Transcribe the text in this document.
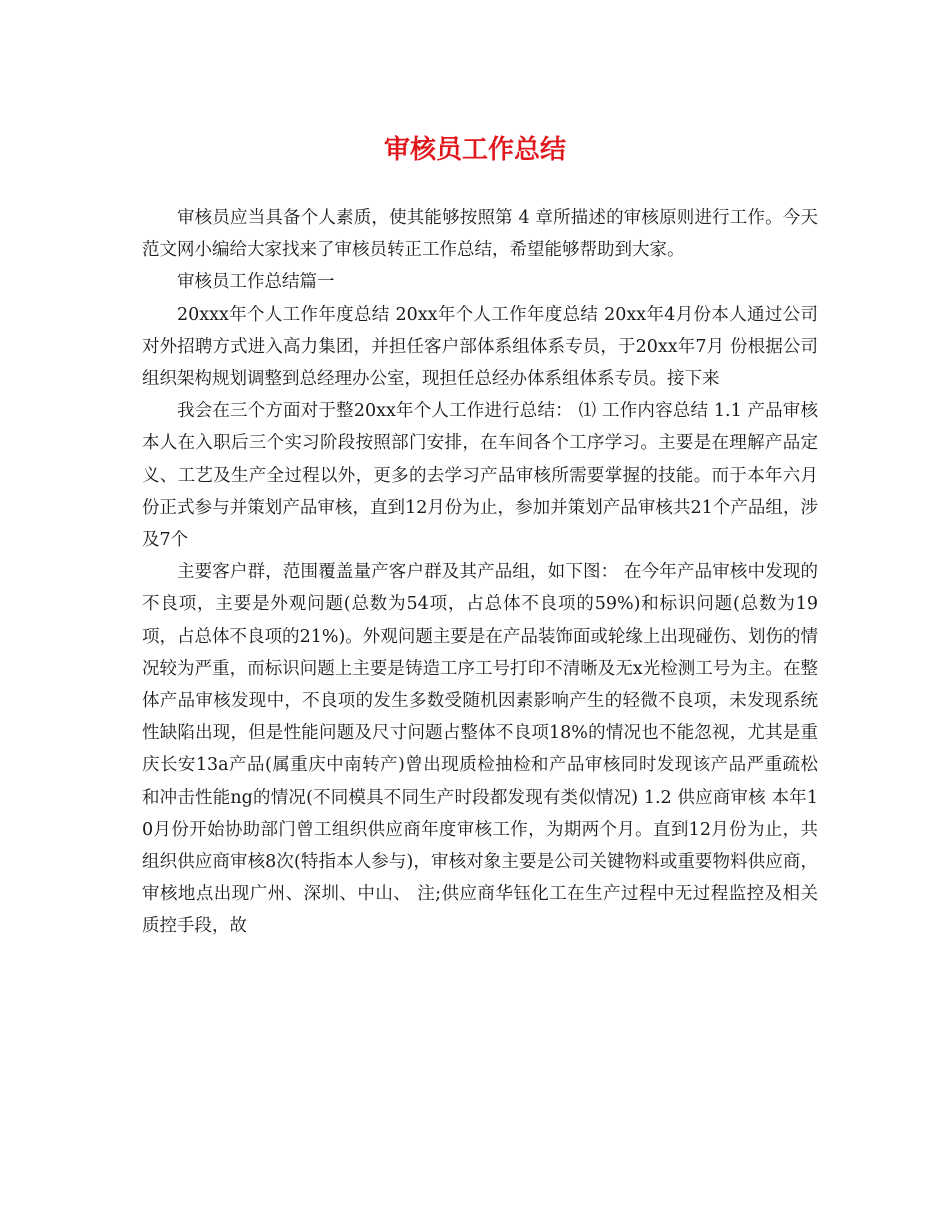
审核员工作总结

审核员应当具备个人素质，使其能够按照第 4 章所描述的审核原则进行工作。今天范文网小编给大家找来了审核员转正工作总结，希望能够帮助到大家。

审核员工作总结篇一

20xxx年个人工作年度总结 20xx年个人工作年度总结 20xx年4月份本人通过公司对外招聘方式进入高力集团，并担任客户部体系组体系专员，于20xx年7月 份根据公司组织架构规划调整到总经理办公室，现担任总经办体系组体系专员。接下来

我会在三个方面对于整20xx年个人工作进行总结： ⑴ 工作内容总结 1.1 产品审核 本人在入职后三个实习阶段按照部门安排，在车间各个工序学习。主要是在理解产品定义、工艺及生产全过程以外，更多的去学习产品审核所需要掌握的技能。而于本年六月份正式参与并策划产品审核，直到12月份为止，参加并策划产品审核共21个产品组，涉及7个

主要客户群，范围覆盖量产客户群及其产品组，如下图： 在今年产品审核中发现的不良项，主要是外观问题(总数为54项，占总体不良项的59%)和标识问题(总数为19项，占总体不良项的21%)。外观问题主要是在产品装饰面或轮缘上出现碰伤、划伤的情况较为严重，而标识问题上主要是铸造工序工号打印不清晰及无x光检测工号为主。在整体产品审核发现中，不良项的发生多数受随机因素影响产生的轻微不良项，未发现系统性缺陷出现，但是性能问题及尺寸问题占整体不良项18%的情况也不能忽视，尤其是重庆长安13a产品(属重庆中南转产)曾出现质检抽检和产品审核同时发现该产品严重疏松和冲击性能ng的情况(不同模具不同生产时段都发现有类似情况) 1.2 供应商审核 本年10月份开始协助部门曾工组织供应商年度审核工作，为期两个月。直到12月份为止，共组织供应商审核8次(特指本人参与)，审核对象主要是公司关键物料或重要物料供应商，审核地点出现广州、深圳、中山、 注;供应商华钰化工在生产过程中无过程监控及相关质控手段，故
